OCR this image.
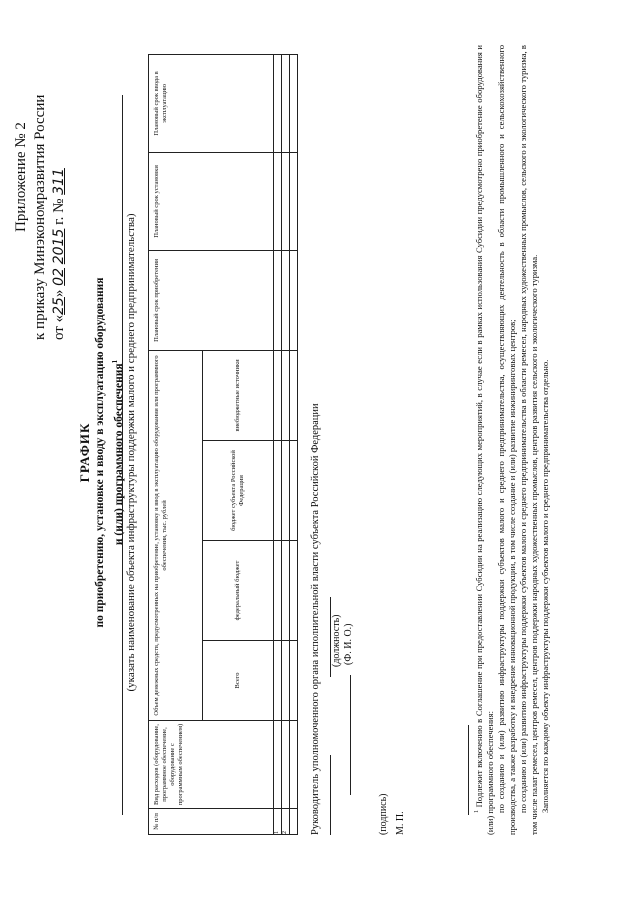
Приложение № 2 к приказу Минэкономразвития России от «25» 02 2015 г. № 311
ГРАФИК по приобретению, установке и вводу в эксплуатацию оборудования и (или) программного обеспечения$^1$ (указать наименование объекта инфраструктуры поддержки малого и среднего предпринимательства)
№ п/п	Вид расходов (оборудование, программное обеспечение, оборудование с программным обеспечением)	Объем денежных средств, предусмотренных на приобретение, установку и ввод в эксплуатацию оборудования или программного обеспечения, тыс. рублей				Плановый срок приобретения	Плановый срок установки	Плановый срок ввода в эксплуатацию
		Всего	федеральный бюджет	бюджет субъекта Российской Федерации	внебюджетные источники			
1								
2								
								Руководитель уполномоченного органа исполнительной власти субъекта Российской Федерации (должность) (Ф. И. О.)
(подпись) М. П.	$^1$ Подлежит включению в Соглашение при предоставлении Субсидии на реализацию следующих мероприятий, в случае если в рамках использования Субсидии предусмотрено приобретение оборудования и (или) программного обеспечения: по созданию и (или) развитию инфраструктуры поддержки субъектов малого и среднего предпринимательства, осуществляющих деятельность в области промышленного и сельскохозяйственного производства, а также разработку и внедрение инновационной продукции, в том числе создание и (или) развитие инжиниринговых центров; по созданию и (или) развитию инфраструктуры поддержки субъектов малого и среднего предпринимательства в области ремесел, народных художественных промыслов, сельского и экологического туризма, в том числе палат ремесел, центров ремесел, центров поддержки народных художественных промыслов, центров развития сельского и экологического туризма. Заполняется по каждому объекту инфраструктуры поддержки субъектов малого и среднего предпринимательства отдельно.
